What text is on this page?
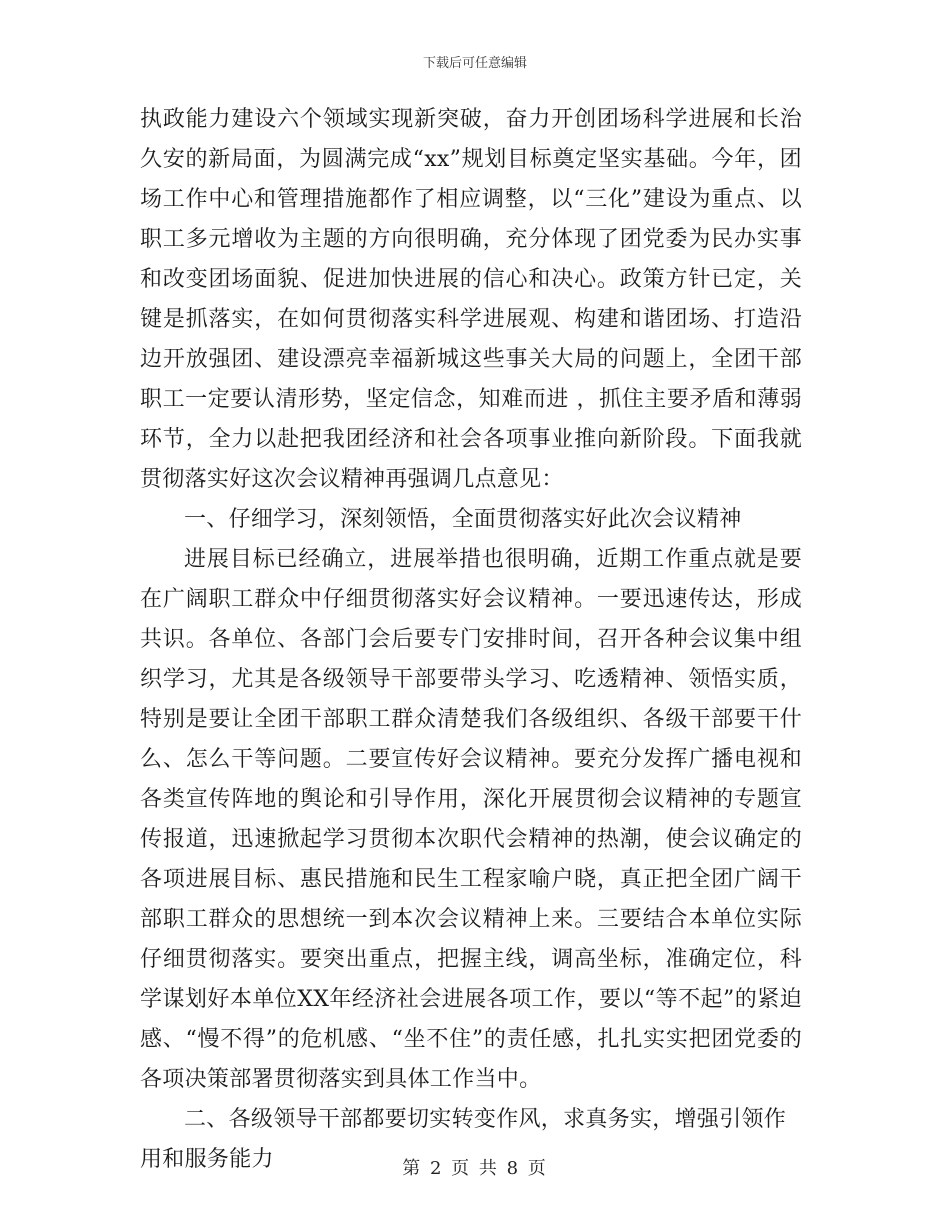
下载后可任意编辑

执政能力建设六个领域实现新突破，奋力开创团场科学进展和长治久安的新局面，为圆满完成“xx”规划目标奠定坚实基础。今年，团场工作中心和管理措施都作了相应调整，以“三化”建设为重点、以职工多元增收为主题的方向很明确，充分体现了团党委为民办实事和改变团场面貌、促进加快进展的信心和决心。政策方针已定，关键是抓落实，在如何贯彻落实科学进展观、构建和谐团场、打造沿边开放强团、建设漂亮幸福新城这些事关大局的问题上，全团干部职工一定要认清形势，坚定信念，知难而进 ，抓住主要矛盾和薄弱环节，全力以赴把我团经济和社会各项事业推向新阶段。下面我就贯彻落实好这次会议精神再强调几点意见：

一、仔细学习，深刻领悟，全面贯彻落实好此次会议精神

进展目标已经确立，进展举措也很明确，近期工作重点就是要在广阔职工群众中仔细贯彻落实好会议精神。一要迅速传达，形成共识。各单位、各部门会后要专门安排时间，召开各种会议集中组织学习，尤其是各级领导干部要带头学习、吃透精神、领悟实质，特别是要让全团干部职工群众清楚我们各级组织、各级干部要干什么、怎么干等问题。二要宣传好会议精神。要充分发挥广播电视和各类宣传阵地的舆论和引导作用，深化开展贯彻会议精神的专题宣传报道，迅速掀起学习贯彻本次职代会精神的热潮，使会议确定的各项进展目标、惠民措施和民生工程家喻户晓，真正把全团广阔干部职工群众的思想统一到本次会议精神上来。三要结合本单位实际仔细贯彻落实。要突出重点，把握主线，调高坐标，准确定位，科学谋划好本单位XX年经济社会进展各项工作，要以“等不起”的紧迫感、“慢不得”的危机感、“坐不住”的责任感，扎扎实实把团党委的各项决策部署贯彻落实到具体工作当中。

二、各级领导干部都要切实转变作风，求真务实，增强引领作用和服务能力	第 2 页 共 8 页
